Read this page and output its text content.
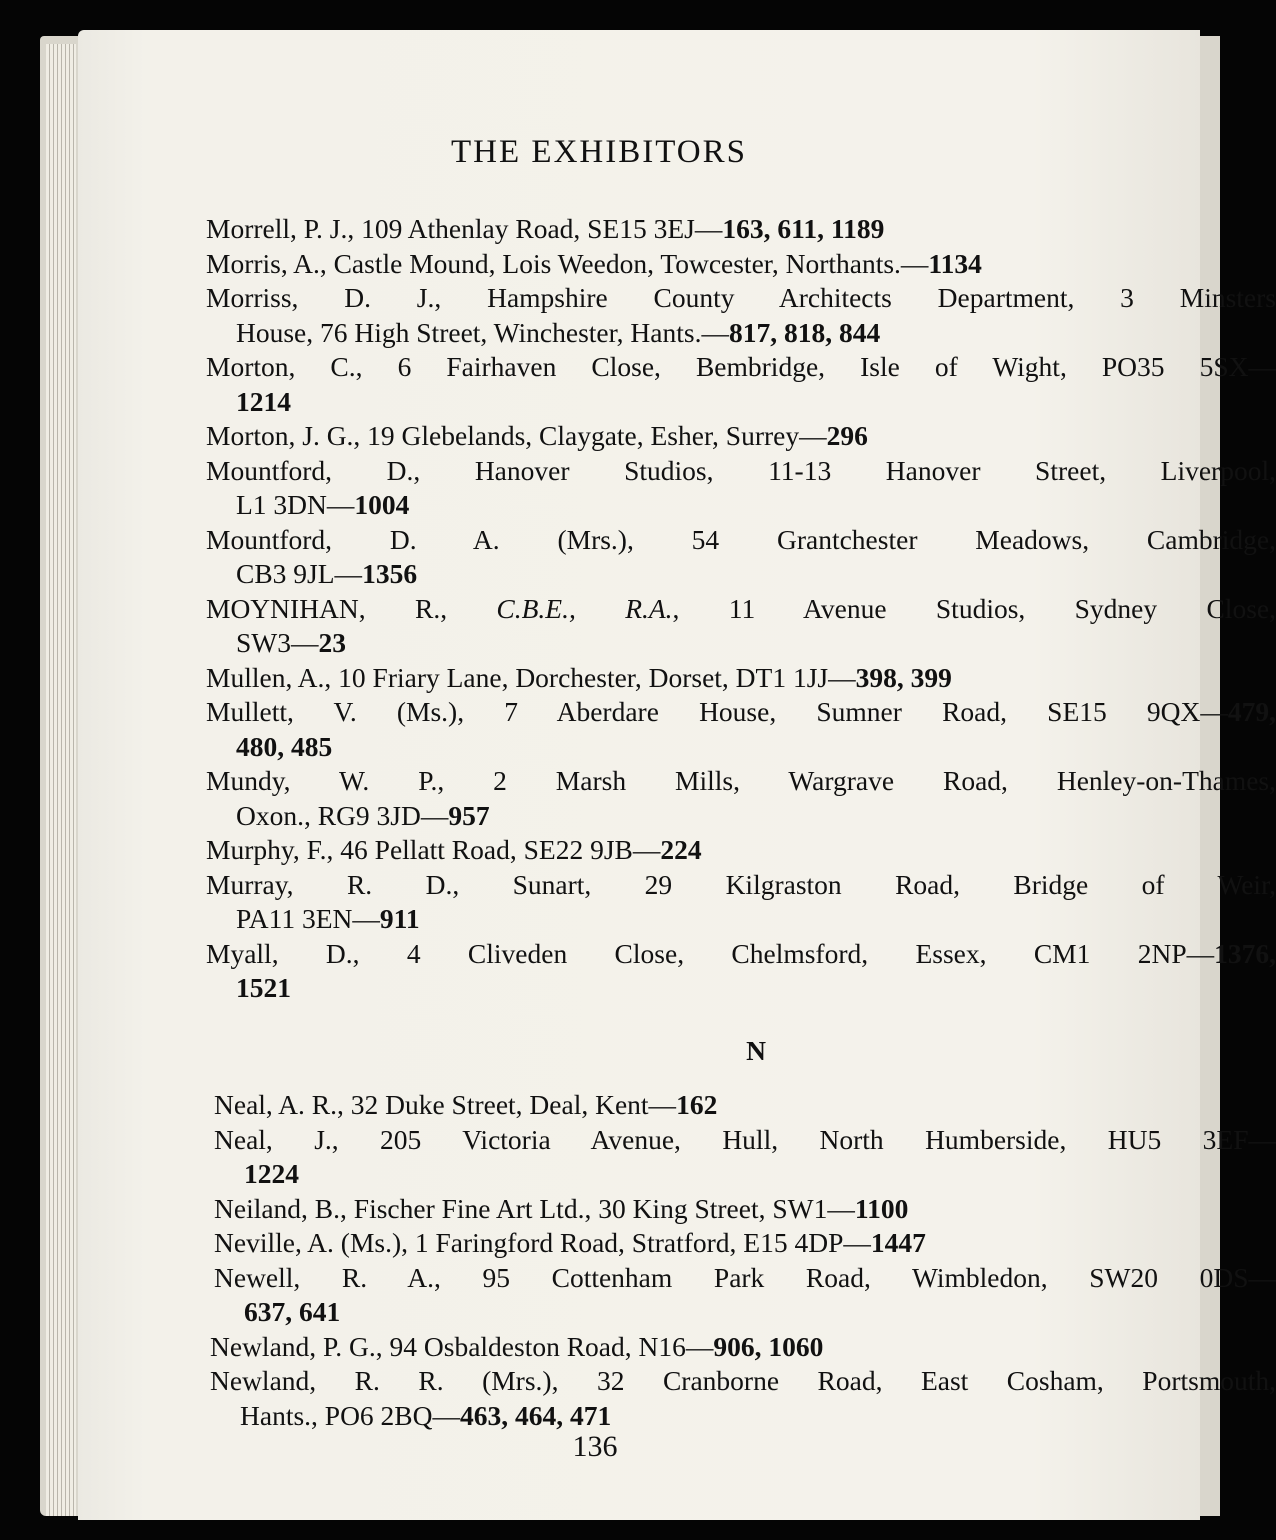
THE EXHIBITORS

Morrell, P. J., 109 Athenlay Road, SE15 3EJ—163, 611, 1189

Morris, A., Castle Mound, Lois Weedon, Towcester, Northants.—1134

Morriss, D. J., Hampshire County Architects Department, 3 Minsters
House, 76 High Street, Winchester, Hants.—817, 818, 844

Morton, C., 6 Fairhaven Close, Bembridge, Isle of Wight, PO35 5SX—
1214

Morton, J. G., 19 Glebelands, Claygate, Esher, Surrey—296

Mountford, D., Hanover Studios, 11-13 Hanover Street, Liverpool,
L1 3DN—1004

Mountford, D. A. (Mrs.), 54 Grantchester Meadows, Cambridge,
CB3 9JL—1356

MOYNIHAN, R., C.B.E., R.A., 11 Avenue Studios, Sydney Close,
SW3—23

Mullen, A., 10 Friary Lane, Dorchester, Dorset, DT1 1JJ—398, 399

Mullett, V. (Ms.), 7 Aberdare House, Sumner Road, SE15 9QX—479,
480, 485

Mundy, W. P., 2 Marsh Mills, Wargrave Road, Henley-on-Thames,
Oxon., RG9 3JD—957

Murphy, F., 46 Pellatt Road, SE22 9JB—224

Murray, R. D., Sunart, 29 Kilgraston Road, Bridge of Weir,
PA11 3EN—911

Myall, D., 4 Cliveden Close, Chelmsford, Essex, CM1 2NP—1376,
1521

N

Neal, A. R., 32 Duke Street, Deal, Kent—162

Neal, J., 205 Victoria Avenue, Hull, North Humberside, HU5 3EF—
1224

Neiland, B., Fischer Fine Art Ltd., 30 King Street, SW1—1100

Neville, A. (Ms.), 1 Faringford Road, Stratford, E15 4DP—1447

Newell, R. A., 95 Cottenham Park Road, Wimbledon, SW20 0DS—
637, 641

Newland, P. G., 94 Osbaldeston Road, N16—906, 1060

Newland, R. R. (Mrs.), 32 Cranborne Road, East Cosham, Portsmouth,
Hants., PO6 2BQ—463, 464, 471

136
